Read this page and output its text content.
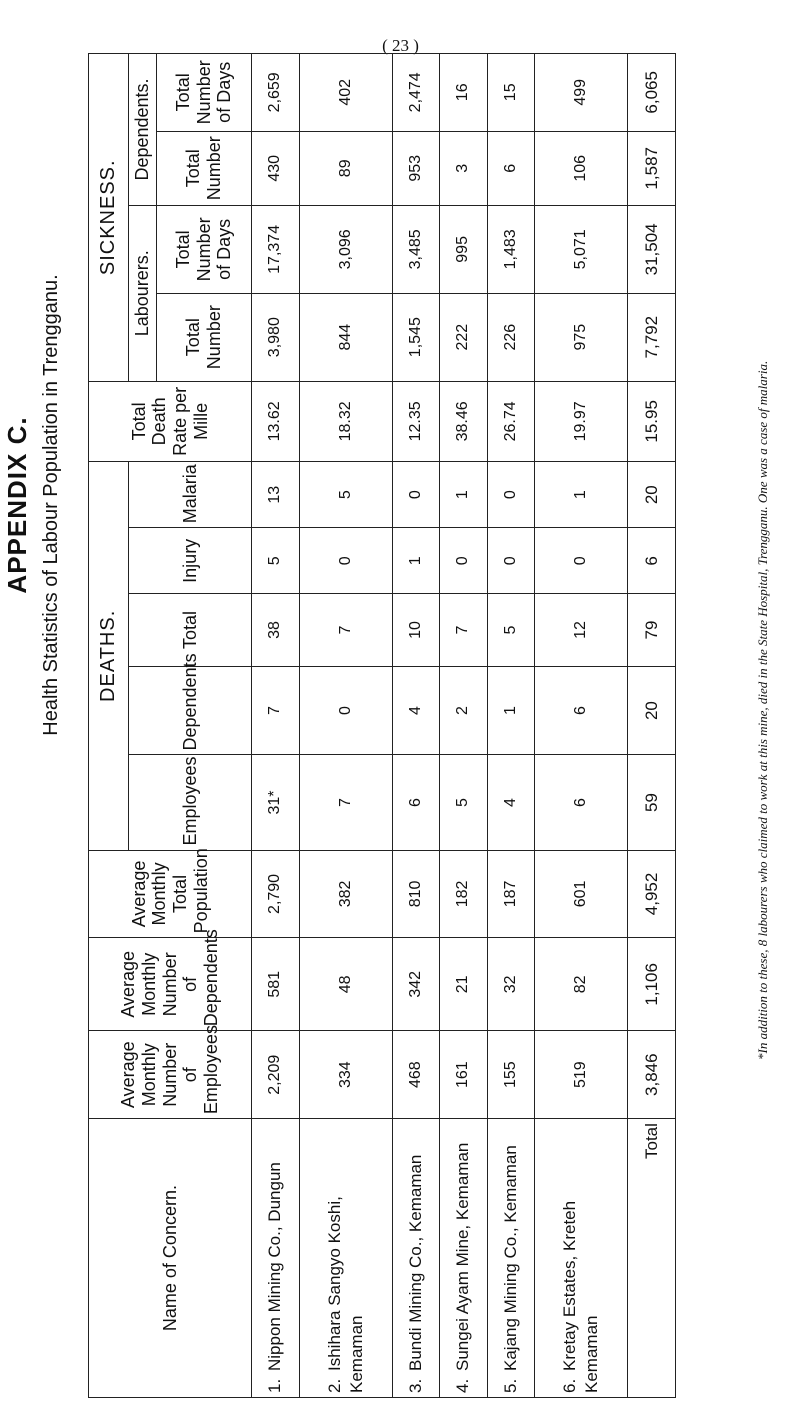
( 23 )
APPENDIX C. Health Statistics of Labour Population in Trengganu.
Name of Concern.	Average Monthly Number of Employees	Average Monthly Number of Dependents	Average Monthly Total Population	DEATHS.					Total Death Rate per Mille	SICKNESS.			
				Employees	Dependents	Total	Injury	Malaria		Labourers.		Dependents.	
										Total Number	Total Number of Days	Total Number	Total Number of Days
1.Nippon Mining Co., Dungun	2,209	581	2,790	31*	7	38	5	13	13.62	3,980	17,374	430	2,659
2.Ishihara Sangyo Koshi, Kemaman	334	48	382	7	0	7	0	5	18.32	844	3,096	89	402
3.Bundi Mining Co., Kemaman	468	342	810	6	4	10	1	0	12.35	1,545	3,485	953	2,474
4.Sungei Ayam Mine, Kemaman	161	21	182	5	2	7	0	1	38.46	222	995	3	16
5.Kajang Mining Co., Kemaman	155	32	187	4	1	5	0	0	26.74	226	1,483	6	15
6.Kretay Estates, Kreteh Kemaman	519	82	601	6	6	12	0	1	19.97	975	5,071	106	499
Total	3,846	1,106	4,952	59	20	79	6	20	15.95	7,792	31,504	1,587	6,065
*In addition to these, 8 labourers who claimed to work at this mine, died in the State Hospital, Trengganu. One was a case of malaria.
